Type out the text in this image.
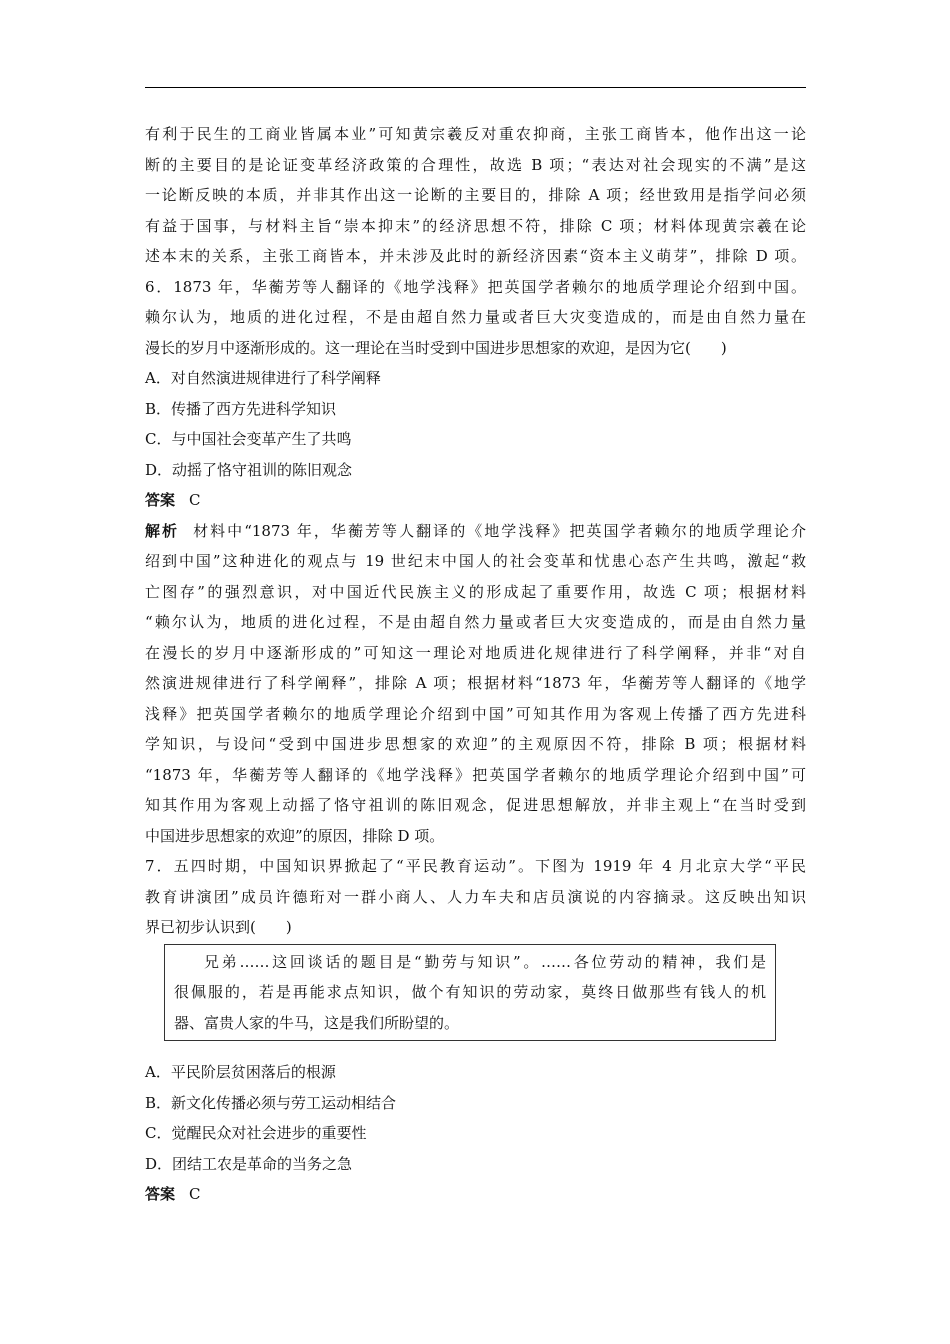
有利于民生的工商业皆属本业”可知黄宗羲反对重农抑商，主张工商皆本，他作出这一论
断的主要目的是论证变革经济政策的合理性，故选 B 项；“表达对社会现实的不满”是这
一论断反映的本质，并非其作出这一论断的主要目的，排除 A 项；经世致用是指学问必须
有益于国事，与材料主旨“崇本抑末”的经济思想不符，排除 C 项；材料体现黄宗羲在论
述本末的关系，主张工商皆本，并未涉及此时的新经济因素“资本主义萌芽”，排除 D 项。
6．1873 年，华蘅芳等人翻译的《地学浅释》把英国学者赖尔的地质学理论介绍到中国。
赖尔认为，地质的进化过程，不是由超自然力量或者巨大灾变造成的，而是由自然力量在
漫长的岁月中逐渐形成的。这一理论在当时受到中国进步思想家的欢迎，是因为它(　　)
A．对自然演进规律进行了科学阐释
B．传播了西方先进科学知识
C．与中国社会变革产生了共鸣
D．动摇了恪守祖训的陈旧观念
答案 C
解析 材料中“1873 年，华蘅芳等人翻译的《地学浅释》把英国学者赖尔的地质学理论介
绍到中国”这种进化的观点与 19 世纪末中国人的社会变革和忧患心态产生共鸣，激起“救
亡图存”的强烈意识，对中国近代民族主义的形成起了重要作用，故选 C 项；根据材料
“赖尔认为，地质的进化过程，不是由超自然力量或者巨大灾变造成的，而是由自然力量
在漫长的岁月中逐渐形成的”可知这一理论对地质进化规律进行了科学阐释，并非“对自
然演进规律进行了科学阐释”，排除 A 项；根据材料“1873 年，华蘅芳等人翻译的《地学
浅释》把英国学者赖尔的地质学理论介绍到中国”可知其作用为客观上传播了西方先进科
学知识，与设问“受到中国进步思想家的欢迎”的主观原因不符，排除 B 项；根据材料
“1873 年，华蘅芳等人翻译的《地学浅释》把英国学者赖尔的地质学理论介绍到中国”可
知其作用为客观上动摇了恪守祖训的陈旧观念，促进思想解放，并非主观上“在当时受到
中国进步思想家的欢迎”的原因，排除 D 项。
7．五四时期，中国知识界掀起了“平民教育运动”。下图为 1919 年 4 月北京大学“平民
教育讲演团”成员许德珩对一群小商人、人力车夫和店员演说的内容摘录。这反映出知识
界已初步认识到(　　)
兄弟……这回谈话的题目是“勤劳与知识”。……各位劳动的精神，我们是
很佩服的，若是再能求点知识，做个有知识的劳动家，莫终日做那些有钱人的机
器、富贵人家的牛马，这是我们所盼望的。
A．平民阶层贫困落后的根源
B．新文化传播必须与劳工运动相结合
C．觉醒民众对社会进步的重要性
D．团结工农是革命的当务之急
答案 C
